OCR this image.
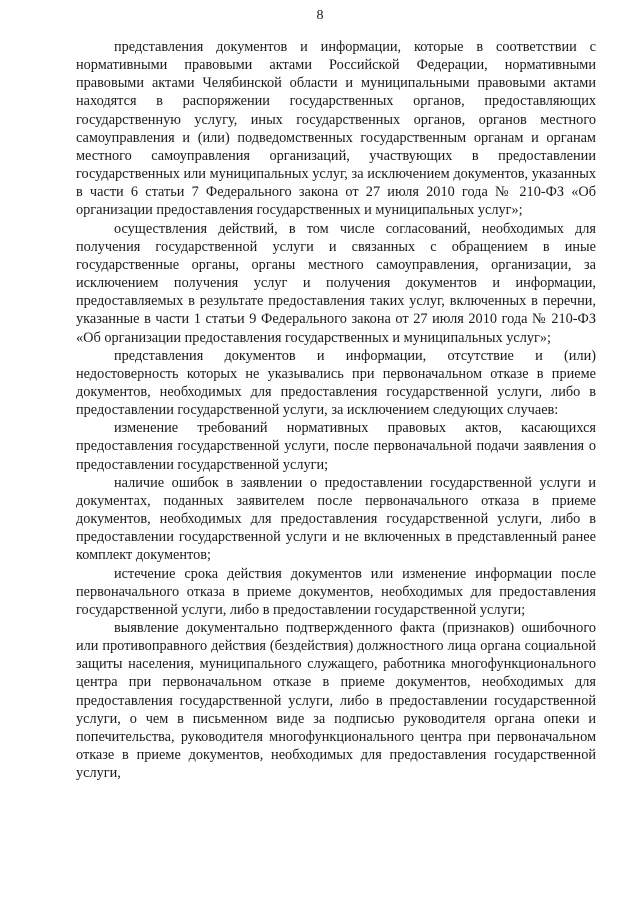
8

представления документов и информации, которые в соответствии с нормативными правовыми актами Российской Федерации, нормативными правовыми актами Челябинской области и муниципальными правовыми актами находятся в распоряжении государственных органов, предоставляющих государственную услугу, иных государственных органов, органов местного самоуправления и (или) подведомственных государственным органам и органам местного самоуправления организаций, участвующих в предоставлении государственных или муниципальных услуг, за исключением документов, указанных в части 6 статьи 7 Федерального закона от 27 июля 2010 года № 210-ФЗ «Об организации предоставления государственных и муниципальных услуг»;

осуществления действий, в том числе согласований, необходимых для получения государственной услуги и связанных с обращением в иные государственные органы, органы местного самоуправления, организации, за исключением получения услуг и получения документов и информации, предоставляемых в результате предоставления таких услуг, включенных в перечни, указанные в части 1 статьи 9 Федерального закона от 27 июля 2010 года № 210-ФЗ «Об организации предоставления государственных и муниципальных услуг»;

представления документов и информации, отсутствие и (или) недостоверность которых не указывались при первоначальном отказе в приеме документов, необходимых для предоставления государственной услуги, либо в предоставлении государственной услуги, за исключением следующих случаев:

изменение требований нормативных правовых актов, касающихся предоставления государственной услуги, после первоначальной подачи заявления о предоставлении государственной услуги;

наличие ошибок в заявлении о предоставлении государственной услуги и документах, поданных заявителем после первоначального отказа в приеме документов, необходимых для предоставления государственной услуги, либо в предоставлении государственной услуги и не включенных в представленный ранее комплект документов;

истечение срока действия документов или изменение информации после первоначального отказа в приеме документов, необходимых для предоставления государственной услуги, либо в предоставлении государственной услуги;

выявление документально подтвержденного факта (признаков) ошибочного или противоправного действия (бездействия) должностного лица органа социальной защиты населения, муниципального служащего, работника многофункционального центра при первоначальном отказе в приеме документов, необходимых для предоставления государственной услуги, либо в предоставлении государственной услуги, о чем в письменном виде за подписью руководителя органа опеки и попечительства, руководителя многофункционального центра при первоначальном отказе в приеме документов, необходимых для предоставления государственной услуги,
